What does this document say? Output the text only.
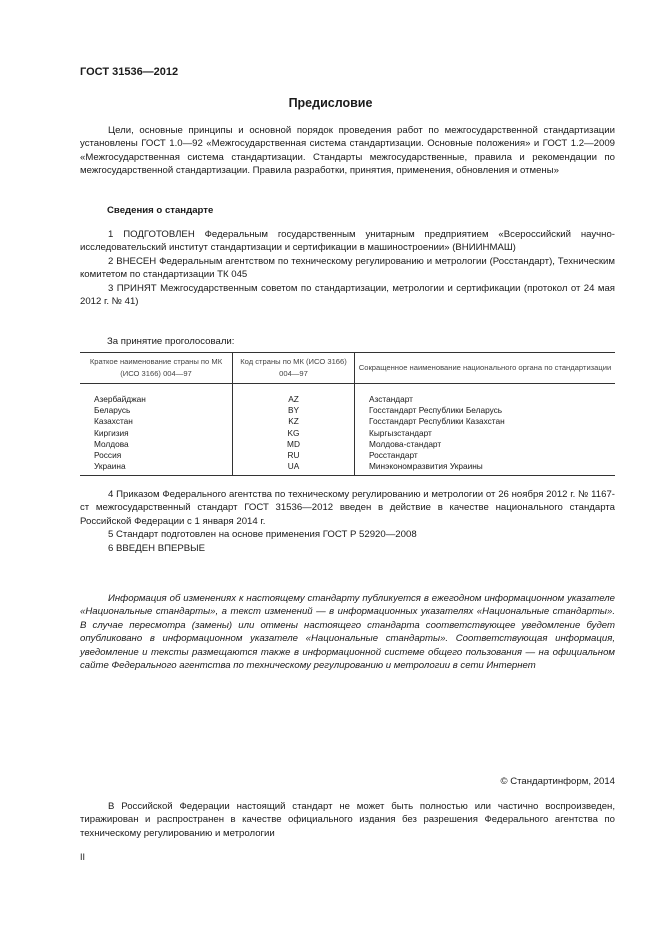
ГОСТ 31536—2012
Предисловие

Цели, основные принципы и основной порядок проведения работ по межгосударственной стандартизации установлены ГОСТ 1.0—92 «Межгосударственная система стандартизации. Основные положения» и ГОСТ 1.2—2009 «Межгосударственная система стандартизации. Стандарты межгосударственные, правила и рекомендации по межгосударственной стандартизации. Правила разработки, принятия, применения, обновления и отмены»

Сведения о стандарте

1 ПОДГОТОВЛЕН Федеральным государственным унитарным предприятием «Всероссийский научно-исследовательский институт стандартизации и сертификации в машиностроении» (ВНИИНМАШ)

2 ВНЕСЕН Федеральным агентством по техническому регулированию и метрологии (Росстандарт), Техническим комитетом по стандартизации ТК 045

3 ПРИНЯТ Межгосударственным советом по стандартизации, метрологии и сертификации (протокол от 24 мая 2012 г. № 41)

За принятие проголосовали:
Краткое наименование страны по МК (ИСО 3166) 004—97	Код страны по МК (ИСО 3166) 004—97	Сокращенное наименование национального органа по стандартизации
Азербайджан	AZ	Азстандарт
Беларусь	BY	Госстандарт Республики Беларусь
Казахстан	KZ	Госстандарт Республики Казахстан
Киргизия	KG	Кыргызстандарт
Молдова	MD	Молдова-стандарт
Россия	RU	Росстандарт
Украина	UA	Минэкономразвития Украины

4 Приказом Федерального агентства по техническому регулированию и метрологии от 26 ноября 2012 г. № 1167-ст межгосударственный стандарт ГОСТ 31536—2012 введен в действие в качестве национального стандарта Российской Федерации с 1 января 2014 г.

5 Стандарт подготовлен на основе применения ГОСТ Р 52920—2008

6 ВВЕДЕН ВПЕРВЫЕ

Информация об изменениях к настоящему стандарту публикуется в ежегодном информационном указателе «Национальные стандарты», а текст изменений — в информационных указателях «Национальные стандарты». В случае пересмотра (замены) или отмены настоящего стандарта соответствующее уведомление будет опубликовано в информационном указателе «Национальные стандарты». Соответствующая информация, уведомление и тексты размещаются также в информационной системе общего пользования — на официальном сайте Федерального агентства по техническому регулированию и метрологии в сети Интернет

© Стандартинформ, 2014

В Российской Федерации настоящий стандарт не может быть полностью или частично воспроизведен, тиражирован и распространен в качестве официального издания без разрешения Федерального агентства по техническому регулированию и метрологии

II
